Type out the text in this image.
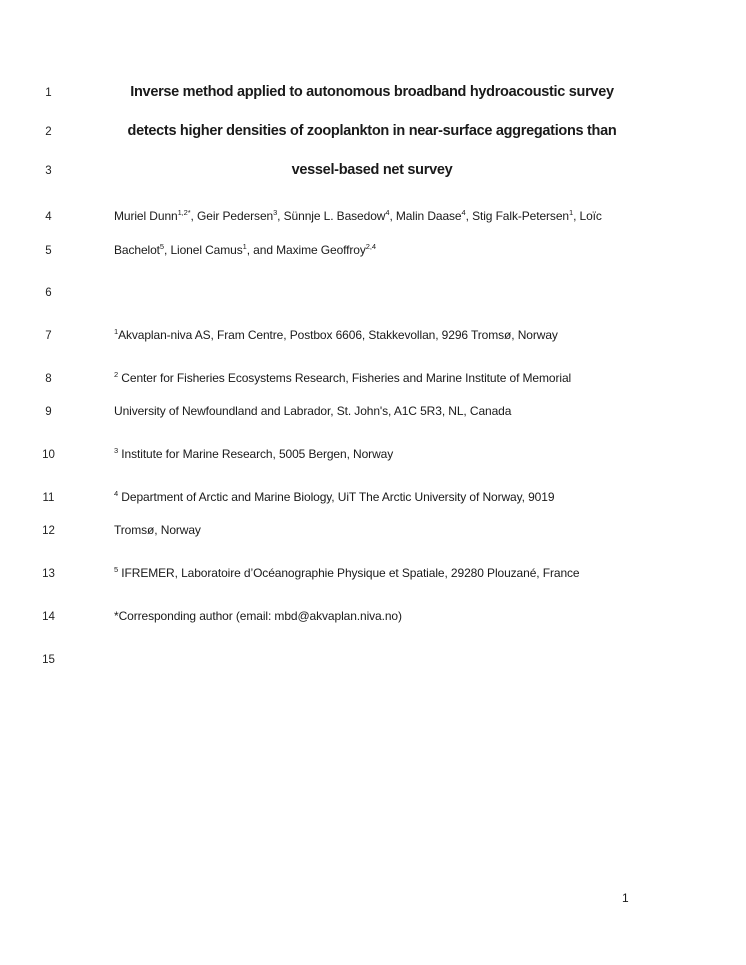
1
2
3
4
5
6
7
8
9
10
11
12
13
14
15
Inverse method applied to autonomous broadband hydroacoustic survey
detects higher densities of zooplankton in near-surface aggregations than
vessel-based net survey
Muriel Dunn$^{1,2*}$, Geir Pedersen$^3$, Sünnje L. Basedow$^4$, Malin Daase$^4$, Stig Falk-Petersen$^1$, Loïc
Bachelot$^5$, Lionel Camus$^1$, and Maxime Geoffroy$^{2,4}$
$^1$Akvaplan-niva AS, Fram Centre, Postbox 6606, Stakkevollan, 9296 Tromsø, Norway
$^2$ Center for Fisheries Ecosystems Research, Fisheries and Marine Institute of Memorial
University of Newfoundland and Labrador, St. John's, A1C 5R3, NL, Canada
$^3$ Institute for Marine Research, 5005 Bergen, Norway
$^4$ Department of Arctic and Marine Biology, UiT The Arctic University of Norway, 9019
Tromsø, Norway
$^5$ IFREMER, Laboratoire d’Océanographie Physique et Spatiale, 29280 Plouzané, France
*Corresponding author (email: mbd@akvaplan.niva.no)
1
